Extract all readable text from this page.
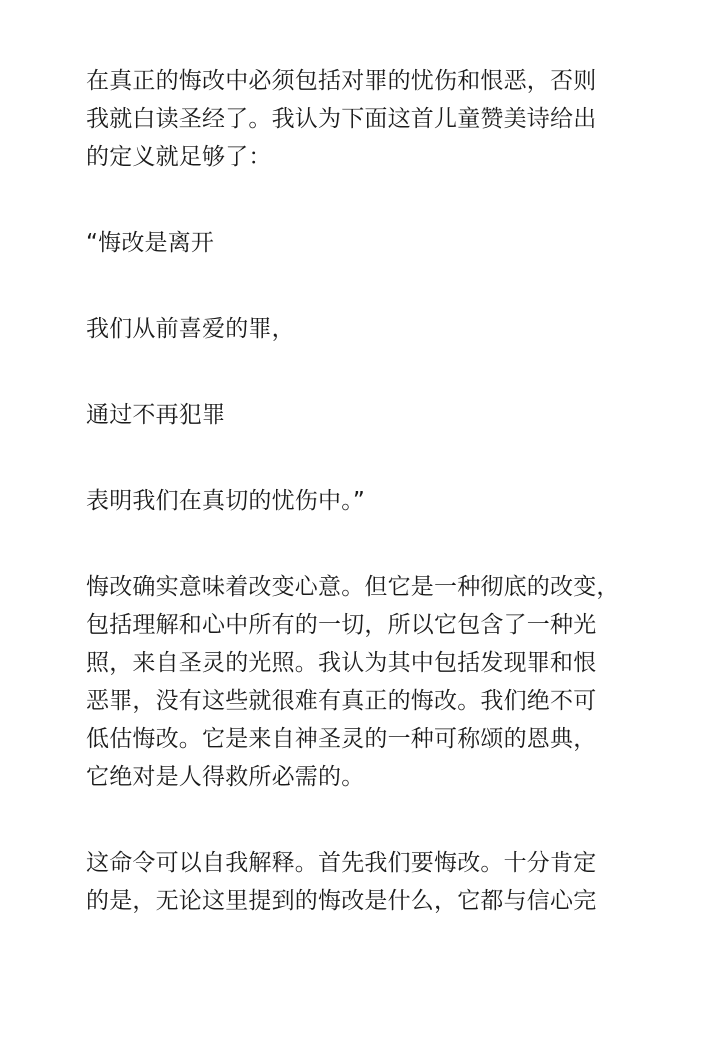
在真正的悔改中必须包括对罪的忧伤和恨恶，否则
我就白读圣经了。我认为下面这首儿童赞美诗给出
的定义就足够了：

“悔改是离开

我们从前喜爱的罪，

通过不再犯罪

表明我们在真切的忧伤中。”

悔改确实意味着改变心意。但它是一种彻底的改变，
包括理解和心中所有的一切，所以它包含了一种光
照，来自圣灵的光照。我认为其中包括发现罪和恨
恶罪，没有这些就很难有真正的悔改。我们绝不可
低估悔改。它是来自神圣灵的一种可称颂的恩典，
它绝对是人得救所必需的。

这命令可以自我解释。首先我们要悔改。十分肯定
的是，无论这里提到的悔改是什么，它都与信心完
